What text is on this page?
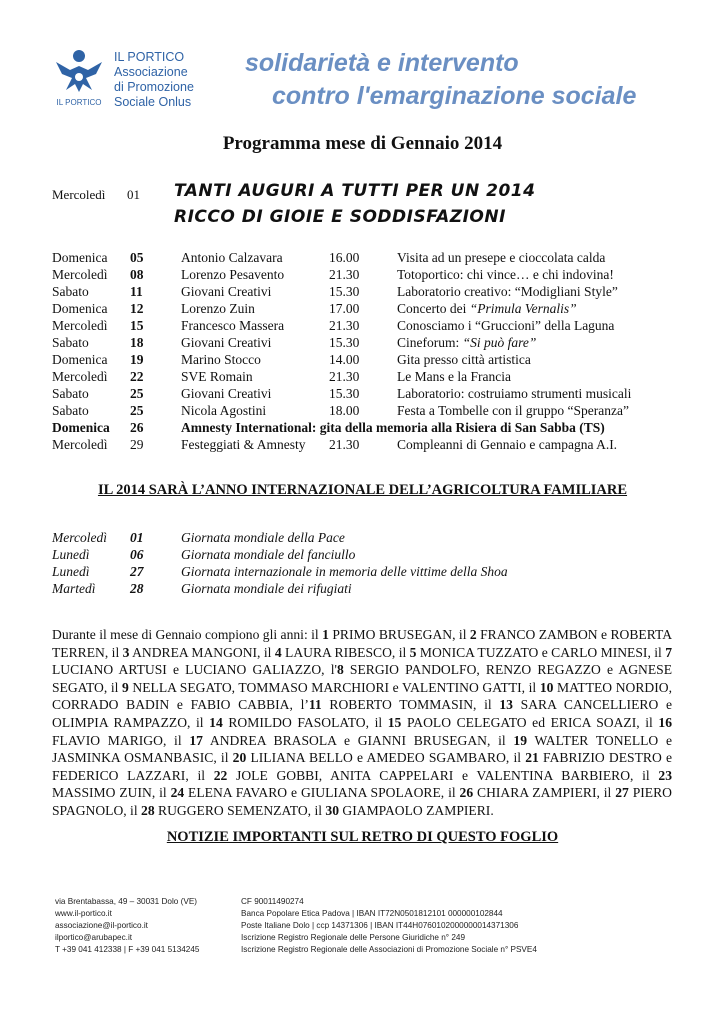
IL PORTICO
IL PORTICO
Associazione
di Promozione
Sociale Onlus
solidarietà e intervento
contro l'emarginazione sociale
Programma mese di Gennaio 2014
Mercoledì 01 TANTI AUGURI A TUTTI PER UN 2014
RICCO DI GIOIE E SODDISFAZIONI
Domenica 05	Antonio Calzavara	16.00	Visita ad un presepe e cioccolata calda
Mercoledì 08	Lorenzo Pesavento	21.30	Totoportico: chi vince… e chi indovina!
Sabato	11	Giovani Creativi	15.30	Laboratorio creativo: “Modigliani Style”
Domenica 12	Lorenzo Zuin	17.00	Concerto dei “Primula Vernalis”
Mercoledì 15	Francesco Massera	21.30	Conosciamo i “Gruccioni” della Laguna
Sabato	18	Giovani Creativi	15.30	Cineforum: “Si può fare”
Domenica 19	Marino Stocco	14.00	Gita presso città artistica
Mercoledì 22	SVE Romain	21.30	Le Mans e la Francia
Sabato	25	Giovani Creativi	15.30	Laboratorio: costruiamo strumenti musicali
Sabato	25	Nicola Agostini	18.00	Festa a Tombelle con il gruppo “Speranza”
Domenica 26	Amnesty International: gita della memoria alla Risiera di San Sabba (TS)
Mercoledì 29	Festeggiati & Amnesty 21.30	Compleanni di Gennaio e campagna A.I.
IL 2014 SARÀ L’ANNO INTERNAZIONALE DELL’AGRICOLTURA FAMILIARE
Mercoledì 01	Giornata mondiale della Pace
Lunedì	06	Giornata mondiale del fanciullo
Lunedì	27	Giornata internazionale in memoria delle vittime della Shoa
Martedì	28	Giornata mondiale dei rifugiati
Durante il mese di Gennaio compiono gli anni: il 1 PRIMO BRUSEGAN, il 2 FRANCO ZAMBON e ROBERTA TERREN, il 3 ANDREA MANGONI, il 4 LAURA RIBESCO, il 5 MONICA TUZZATO e CARLO MINESI, il 7 LUCIANO ARTUSI e LUCIANO GALIAZZO, l'8 SERGIO PANDOLFO, RENZO REGAZZO e AGNESE SEGATO, il 9 NELLA SEGATO, TOMMASO MARCHIORI e VALENTINO GATTI, il 10 MATTEO NORDIO, CORRADO BADIN e FABIO CABBIA, l’11 ROBERTO TOMMASIN, il 13 SARA CANCELLIERO e OLIMPIA RAMPAZZO, il 14 ROMILDO FASOLATO, il 15 PAOLO CELEGATO ed ERICA SOAZI, il 16 FLAVIO MARIGO, il 17 ANDREA BRASOLA e GIANNI BRUSEGAN, il 19 WALTER TONELLO e JASMINKA OSMANBASIC, il 20 LILIANA BELLO e AMEDEO SGAMBARO, il 21 FABRIZIO DESTRO e FEDERICO LAZZARI, il 22 JOLE GOBBI, ANITA CAPPELARI e VALENTINA BARBIERO, il 23 MASSIMO ZUIN, il 24 ELENA FAVARO e GIULIANA SPOLAORE, il 26 CHIARA ZAMPIERI, il 27 PIERO SPAGNOLO, il 28 RUGGERO SEMENZATO, il 30 GIAMPAOLO ZAMPIERI.
NOTIZIE IMPORTANTI SUL RETRO DI QUESTO FOGLIO
via Brentabassa, 49 – 30031 Dolo (VE)
www.il-portico.it
associazione@il-portico.it
ilportico@arubapec.it
T +39 041 412338 | F +39 041 5134245
CF 90011490274
Banca Popolare Etica Padova | IBAN IT72N0501812101 000000102844
Poste Italiane Dolo | ccp 14371306 | IBAN IT44H0760102000000014371306
Iscrizione Registro Regionale delle Persone Giuridiche n° 249
Iscrizione Registro Regionale delle Associazioni di Promozione Sociale n° PSVE4
